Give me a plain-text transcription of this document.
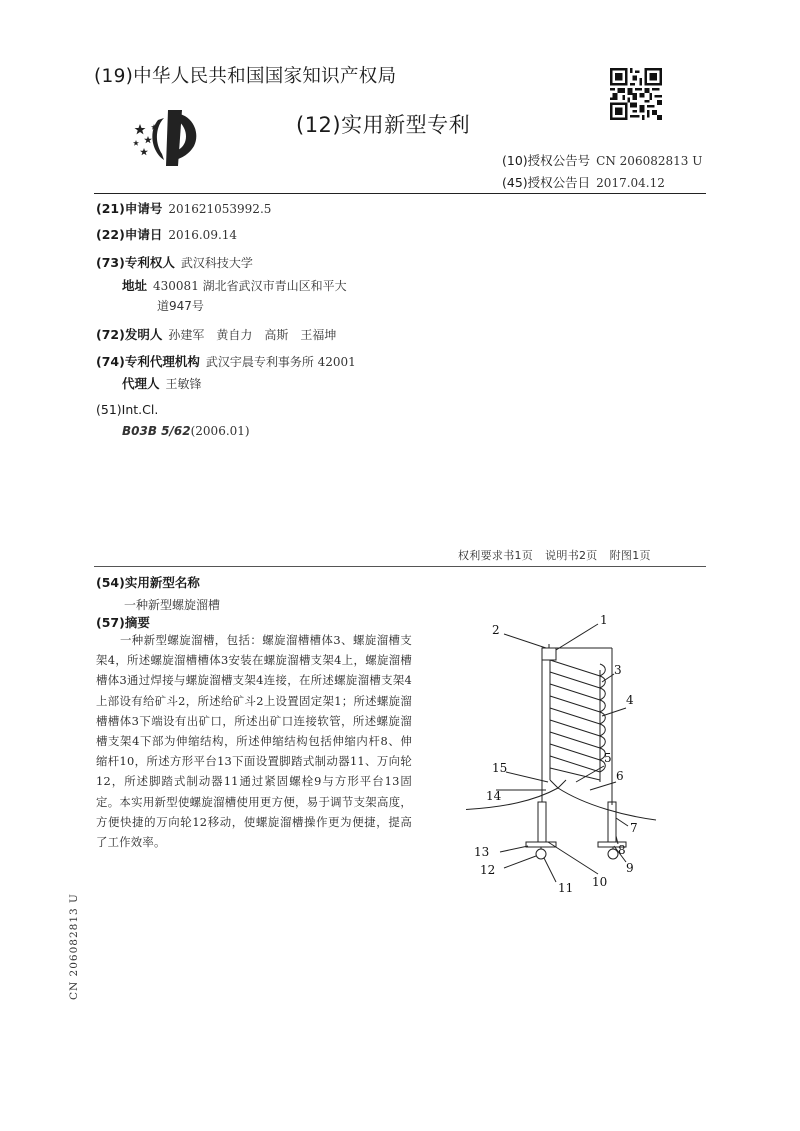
(19)中华人民共和国国家知识产权局
(12)实用新型专利
(10)授权公告号 CN 206082813 U
(45)授权公告日 2017.04.12
(21)申请号 201621053992.5
(22)申请日 2016.09.14
(73)专利权人 武汉科技大学
地址 430081 湖北省武汉市青山区和平大
道947号
(72)发明人 孙建军　黄自力　高斯　王福坤
(74)专利代理机构 武汉宇晨专利事务所 42001
代理人 王敏锋
(51)Int.Cl.
B03B 5/62(2006.01)
权利要求书1页 说明书2页 附图1页
(54)实用新型名称
一种新型螺旋溜槽
(57)摘要
一种新型螺旋溜槽，包括：螺旋溜槽槽体3、螺旋溜槽支架4，所述螺旋溜槽槽体3安装在螺旋溜槽支架4上，螺旋溜槽槽体3通过焊接与螺旋溜槽支架4连接，在所述螺旋溜槽支架4上部设有给矿斗2，所述给矿斗2上设置固定架1；所述螺旋溜槽槽体3下端设有出矿口，所述出矿口连接软管，所述螺旋溜槽支架4下部为伸缩结构，所述伸缩结构包括伸缩内杆8、伸缩杆10，所述方形平台13下面设置脚踏式制动器11、万向轮12，所述脚踏式制动器11通过紧固螺栓9与方形平台13固定。本实用新型使螺旋溜槽使用更方便，易于调节支架高度，方便快捷的万向轮12移动，使螺旋溜槽操作更为便捷，提高了工作效率。
1
2
3
4
5
6
7
8
9
10
11
12
13
14
15
CN 206082813 U
